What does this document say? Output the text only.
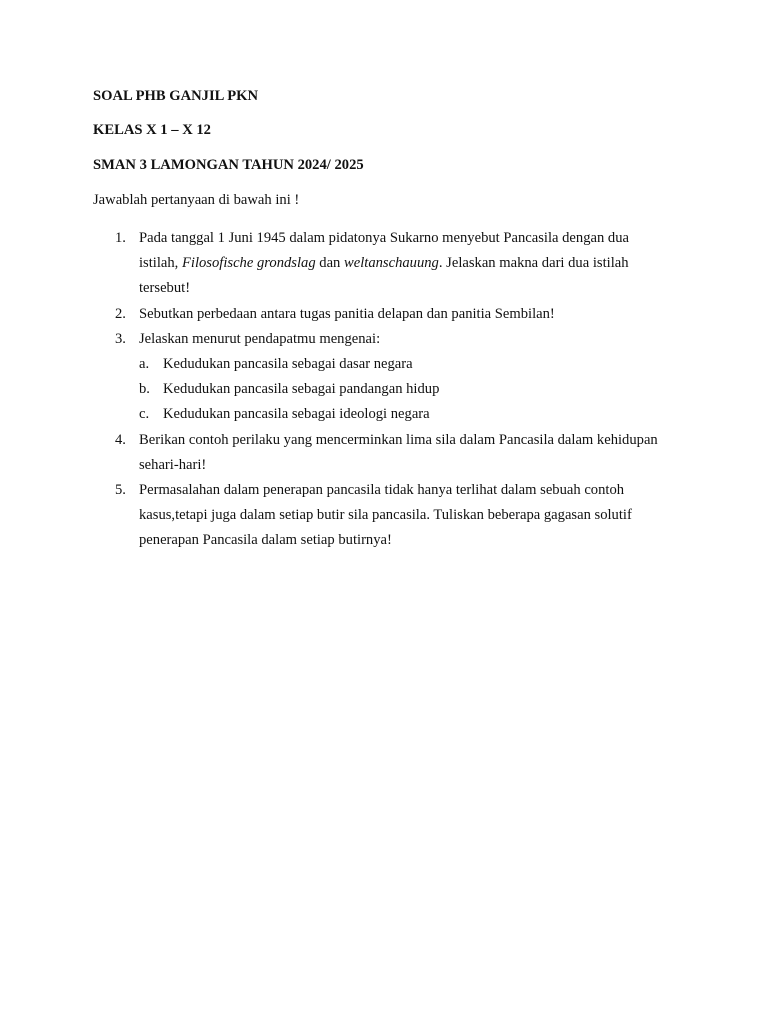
SOAL PHB GANJIL PKN

KELAS X 1 – X 12

SMAN 3 LAMONGAN TAHUN 2024/ 2025

Jawablah pertanyaan di bawah ini !

1. Pada tanggal 1 Juni 1945 dalam pidatonya Sukarno menyebut Pancasila dengan dua istilah, Filosofische grondslag dan weltanschauung. Jelaskan makna dari dua istilah tersebut!
2. Sebutkan perbedaan antara tugas panitia delapan dan panitia Sembilan!
3. Jelaskan menurut pendapatmu mengenai:
a. Kedudukan pancasila sebagai dasar negara
b. Kedudukan pancasila sebagai pandangan hidup
c. Kedudukan pancasila sebagai ideologi negara
4. Berikan contoh perilaku yang mencerminkan lima sila dalam Pancasila dalam kehidupan sehari-hari!
5. Permasalahan dalam penerapan pancasila tidak hanya terlihat dalam sebuah contoh kasus,tetapi juga dalam setiap butir sila pancasila. Tuliskan beberapa gagasan solutif penerapan Pancasila dalam setiap butirnya!
